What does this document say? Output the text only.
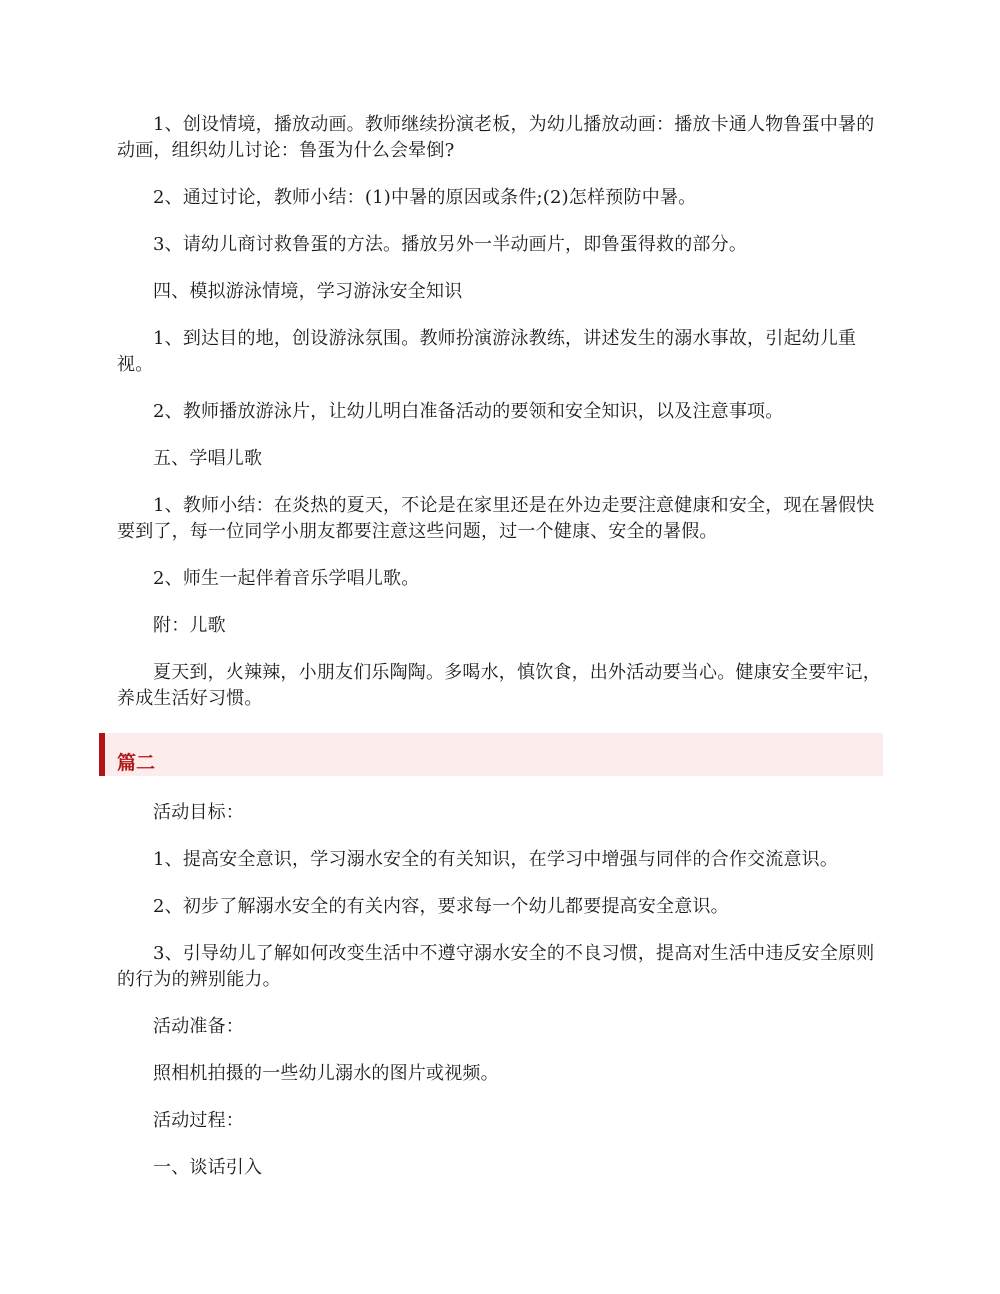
1、创设情境，播放动画。教师继续扮演老板，为幼儿播放动画：播放卡通人物鲁蛋中暑的动画，组织幼儿讨论：鲁蛋为什么会晕倒?

2、通过讨论，教师小结：(1)中暑的原因或条件;(2)怎样预防中暑。

3、请幼儿商讨救鲁蛋的方法。播放另外一半动画片，即鲁蛋得救的部分。

四、模拟游泳情境，学习游泳安全知识

1、到达目的地，创设游泳氛围。教师扮演游泳教练，讲述发生的溺水事故，引起幼儿重视。

2、教师播放游泳片，让幼儿明白准备活动的要领和安全知识，以及注意事项。

五、学唱儿歌

1、教师小结：在炎热的夏天，不论是在家里还是在外边走要注意健康和安全，现在暑假快要到了，每一位同学小朋友都要注意这些问题，过一个健康、安全的暑假。

2、师生一起伴着音乐学唱儿歌。

附：儿歌

夏天到，火辣辣，小朋友们乐陶陶。多喝水，慎饮食，出外活动要当心。健康安全要牢记，养成生活好习惯。

篇二

活动目标：

1、提高安全意识，学习溺水安全的有关知识，在学习中增强与同伴的合作交流意识。

2、初步了解溺水安全的有关内容，要求每一个幼儿都要提高安全意识。

3、引导幼儿了解如何改变生活中不遵守溺水安全的不良习惯，提高对生活中违反安全原则的行为的辨别能力。

活动准备：

照相机拍摄的一些幼儿溺水的图片或视频。

活动过程：

一、谈话引入
